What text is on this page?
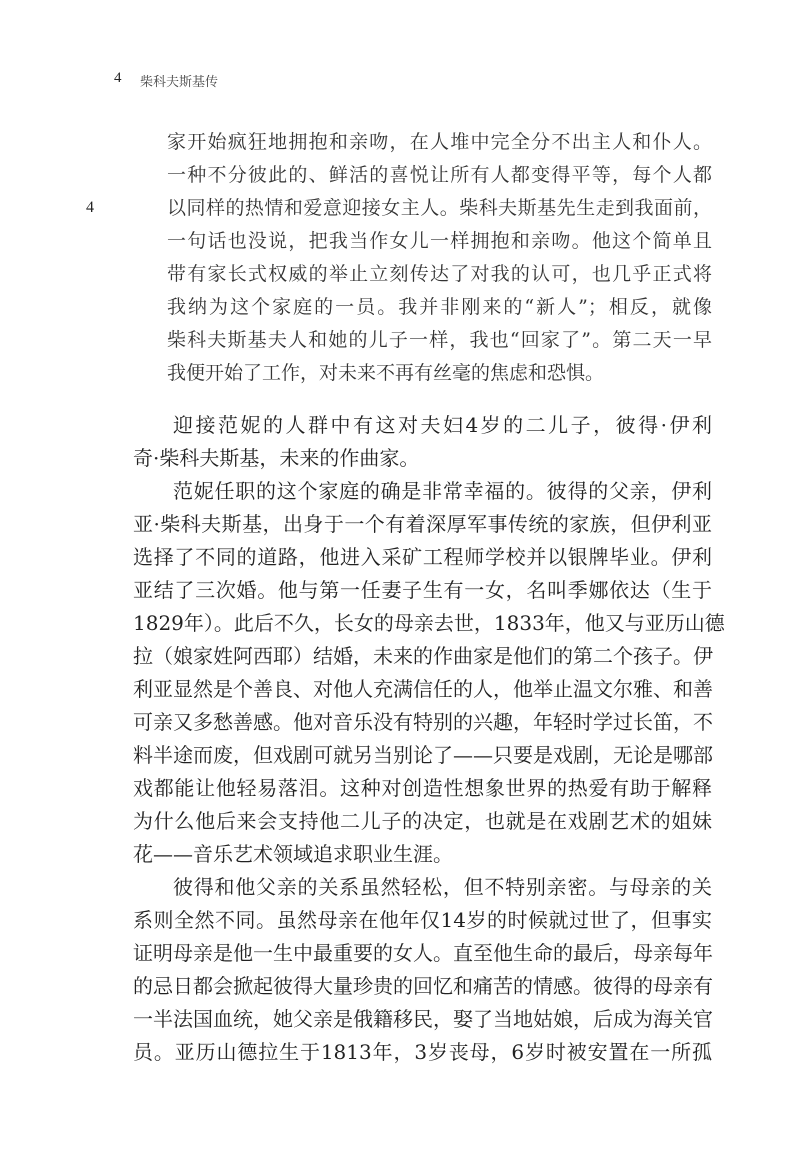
4 柴科夫斯基传
4
家开始疯狂地拥抱和亲吻，在人堆中完全分不出主人和仆人。
一种不分彼此的、鲜活的喜悦让所有人都变得平等，每个人都
以同样的热情和爱意迎接女主人。柴科夫斯基先生走到我面前，
一句话也没说，把我当作女儿一样拥抱和亲吻。他这个简单且
带有家长式权威的举止立刻传达了对我的认可，也几乎正式将
我纳为这个家庭的一员。我并非刚来的“新人”；相反，就像
柴科夫斯基夫人和她的儿子一样，我也“回家了”。第二天一早
我便开始了工作，对未来不再有丝毫的焦虑和恐惧。
迎接范妮的人群中有这对夫妇4岁的二儿子，彼得·伊利
奇·柴科夫斯基，未来的作曲家。
范妮任职的这个家庭的确是非常幸福的。彼得的父亲，伊利
亚·柴科夫斯基，出身于一个有着深厚军事传统的家族，但伊利亚
选择了不同的道路，他进入采矿工程师学校并以银牌毕业。伊利
亚结了三次婚。他与第一任妻子生有一女，名叫季娜依达（生于
1829年）。此后不久，长女的母亲去世，1833年，他又与亚历山德
拉（娘家姓阿西耶）结婚，未来的作曲家是他们的第二个孩子。伊
利亚显然是个善良、对他人充满信任的人，他举止温文尔雅、和善
可亲又多愁善感。他对音乐没有特别的兴趣，年轻时学过长笛，不
料半途而废，但戏剧可就另当别论了——只要是戏剧，无论是哪部
戏都能让他轻易落泪。这种对创造性想象世界的热爱有助于解释
为什么他后来会支持他二儿子的决定，也就是在戏剧艺术的姐妹
花——音乐艺术领域追求职业生涯。
彼得和他父亲的关系虽然轻松，但不特别亲密。与母亲的关
系则全然不同。虽然母亲在他年仅14岁的时候就过世了，但事实
证明母亲是他一生中最重要的女人。直至他生命的最后，母亲每年
的忌日都会掀起彼得大量珍贵的回忆和痛苦的情感。彼得的母亲有
一半法国血统，她父亲是俄籍移民，娶了当地姑娘，后成为海关官
员。亚历山德拉生于1813年，3岁丧母，6岁时被安置在一所孤
